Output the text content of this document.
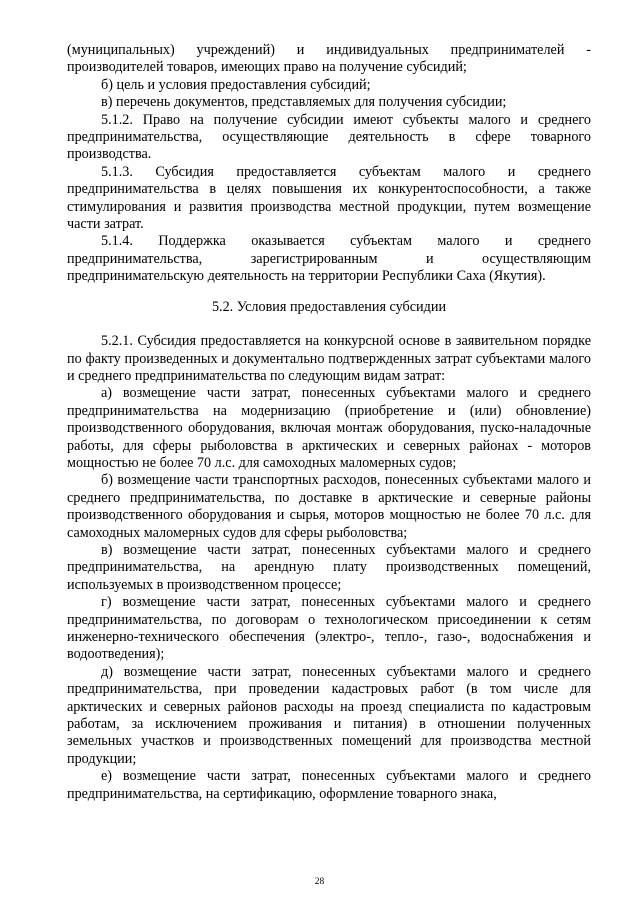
(муниципальных) учреждений) и индивидуальных предпринимателей - производителей товаров, имеющих право на получение субсидий;

б) цель и условия предоставления субсидий;

в) перечень документов, представляемых для получения субсидии;

5.1.2. Право на получение субсидии имеют субъекты малого и среднего предпринимательства, осуществляющие деятельность в сфере товарного производства.

5.1.3. Субсидия предоставляется субъектам малого и среднего предпринимательства в целях повышения их конкурентоспособности, а также стимулирования и развития производства местной продукции, путем возмещение части затрат.

5.1.4. Поддержка оказывается субъектам малого и среднего предпринимательства, зарегистрированным и осуществляющим предпринимательскую деятельность на территории Республики Саха (Якутия).

5.2. Условия предоставления субсидии

5.2.1. Субсидия предоставляется на конкурсной основе в заявительном порядке по факту произведенных и документально подтвержденных затрат субъектами малого и среднего предпринимательства по следующим видам затрат:

а) возмещение части затрат, понесенных субъектами малого и среднего предпринимательства на модернизацию (приобретение и (или) обновление) производственного оборудования, включая монтаж оборудования, пуско-наладочные работы, для сферы рыболовства в арктических и северных районах - моторов мощностью не более 70 л.с. для самоходных маломерных судов;

б) возмещение части транспортных расходов, понесенных субъектами малого и среднего предпринимательства, по доставке в арктические и северные районы производственного оборудования и сырья, моторов мощностью не более 70 л.с. для самоходных маломерных судов для сферы рыболовства;

в) возмещение части затрат, понесенных субъектами малого и среднего предпринимательства, на арендную плату производственных помещений, используемых в производственном процессе;

г) возмещение части затрат, понесенных субъектами малого и среднего предпринимательства, по договорам о технологическом присоединении к сетям инженерно-технического обеспечения (электро-, тепло-, газо-, водоснабжения и водоотведения);

д) возмещение части затрат, понесенных субъектами малого и среднего предпринимательства, при проведении кадастровых работ (в том числе для арктических и северных районов расходы на проезд специалиста по кадастровым работам, за исключением проживания и питания) в отношении полученных земельных участков и производственных помещений для производства местной продукции;

е) возмещение части затрат, понесенных субъектами малого и среднего предпринимательства, на сертификацию, оформление товарного знака,

28
